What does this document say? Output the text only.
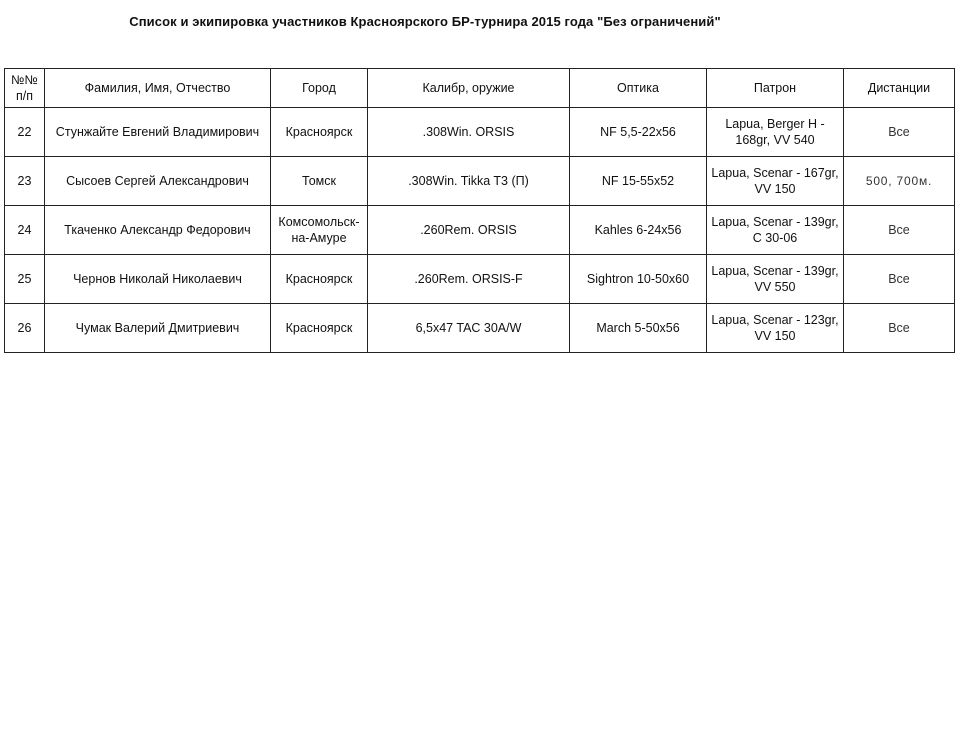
Список и экипировка участников Красноярского БР-турнира 2015 года "Без ограничений"
№№ п/п	Фамилия, Имя, Отчество	Город	Калибр, оружие	Оптика	Патрон	Дистанции
22	Стунжайте Евгений Владимирович	Красноярск	.308Win. ORSIS	NF 5,5-22x56	Lapua, Berger H - 168gr, VV 540	Все
23	Сысоев Сергей Александрович	Томск	.308Win. Tikka T3 (П)	NF 15-55x52	Lapua, Scenar - 167gr, VV 150	500, 700м.
24	Ткаченко Александр Федорович	Комсомольск-на-Амуре	.260Rem. ORSIS	Kahles 6-24x56	Lapua, Scenar - 139gr, C 30-06	Все
25	Чернов Николай Николаевич	Красноярск	.260Rem. ORSIS-F	Sightron 10-50x60	Lapua, Scenar - 139gr, VV 550	Все
26	Чумак Валерий Дмитриевич	Красноярск	6,5x47 TAC 30A/W	March 5-50x56	Lapua, Scenar - 123gr, VV 150	Все
